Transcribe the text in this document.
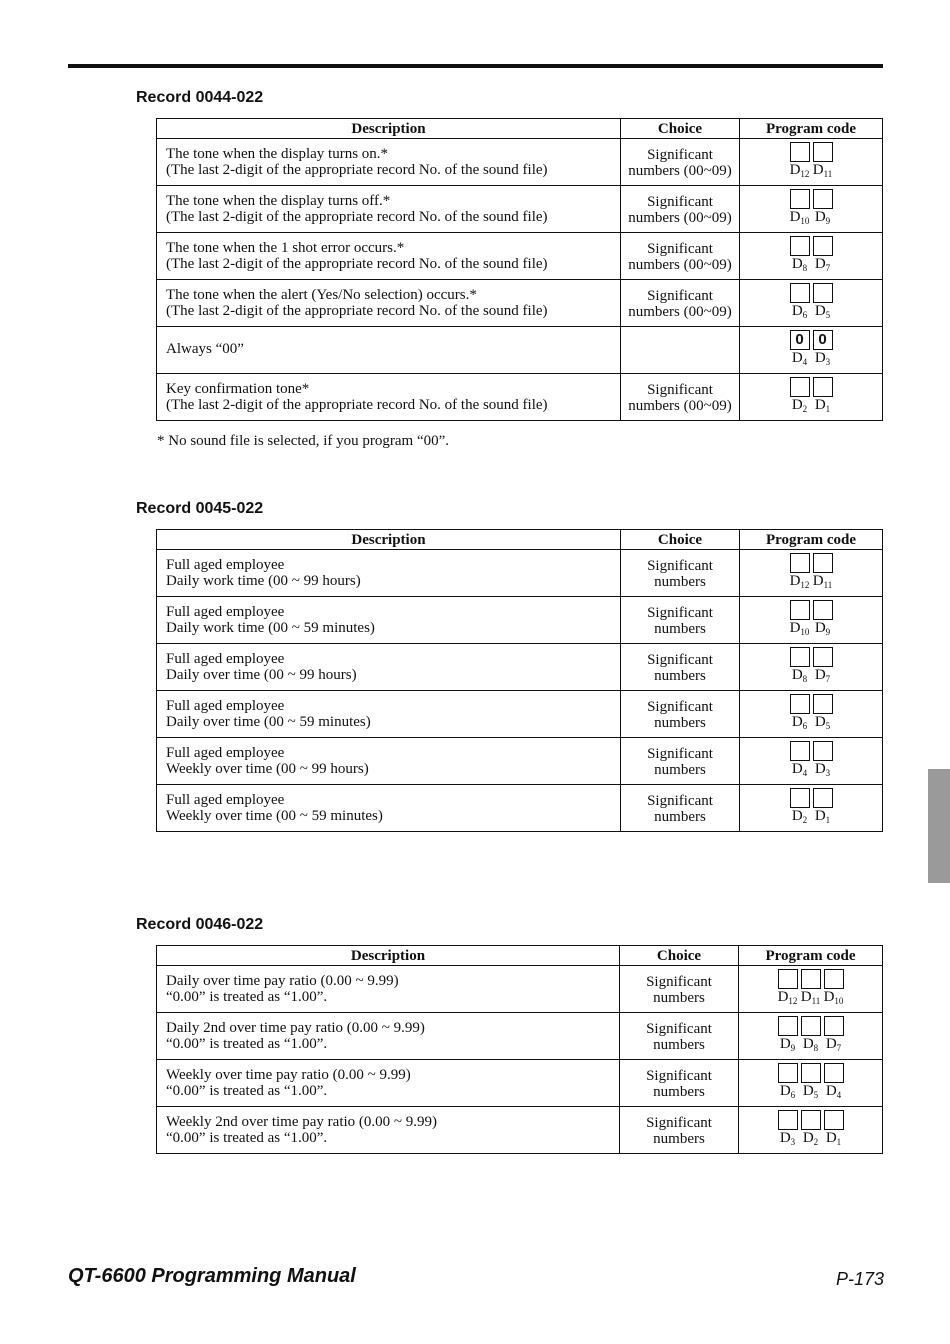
Record 0044-022
Description	Choice	Program code

The tone when the display turns on.*
(The last 2-digit of the appropriate record No. of the sound file)	Significant
numbers (00~09)	$D_{12}$ $D_{11}$

The tone when the display turns off.*
(The last 2-digit of the appropriate record No. of the sound file)	Significant
numbers (00~09)	$D_{10}$ $D_9$

The tone when the 1 shot error occurs.*
(The last 2-digit of the appropriate record No. of the sound file)	Significant
numbers (00~09)	$D_8$ $D_7$

The tone when the alert (Yes/No selection) occurs.*
(The last 2-digit of the appropriate record No. of the sound file)	Significant
numbers (00~09)	$D_6$ $D_5$

Always “00”		0 0
$D_4$ $D_3$

Key confirmation tone*
(The last 2-digit of the appropriate record No. of the sound file)	Significant
numbers (00~09)	$D_2$ $D_1$
* No sound file is selected, if you program “00”.
Record 0045-022
Description	Choice	Program code

Full aged employee
Daily work time (00 ~ 99 hours)	Significant
numbers	$D_{12}$ $D_{11}$

Full aged employee
Daily work time (00 ~ 59 minutes)	Significant
numbers	$D_{10}$ $D_9$

Full aged employee
Daily over time (00 ~ 99 hours)	Significant
numbers	$D_8$ $D_7$

Full aged employee
Daily over time (00 ~ 59 minutes)	Significant
numbers	$D_6$ $D_5$

Full aged employee
Weekly over time (00 ~ 99 hours)	Significant
numbers	$D_4$ $D_3$

Full aged employee
Weekly over time (00 ~ 59 minutes)	Significant
numbers	$D_2$ $D_1$
Record 0046-022
Description	Choice	Program code

Daily over time pay ratio (0.00 ~ 9.99)
“0.00” is treated as “1.00”.	Significant
numbers	$D_{12}$ $D_{11}$ $D_{10}$

Daily 2nd over time pay ratio (0.00 ~ 9.99)
“0.00” is treated as “1.00”.	Significant
numbers	$D_9$ $D_8$ $D_7$

Weekly over time pay ratio (0.00 ~ 9.99)
“0.00” is treated as “1.00”.	Significant
numbers	$D_6$ $D_5$ $D_4$

Weekly 2nd over time pay ratio (0.00 ~ 9.99)
“0.00” is treated as “1.00”.	Significant
numbers	$D_3$ $D_2$ $D_1$
QT-6600 Programming Manual	P-173
